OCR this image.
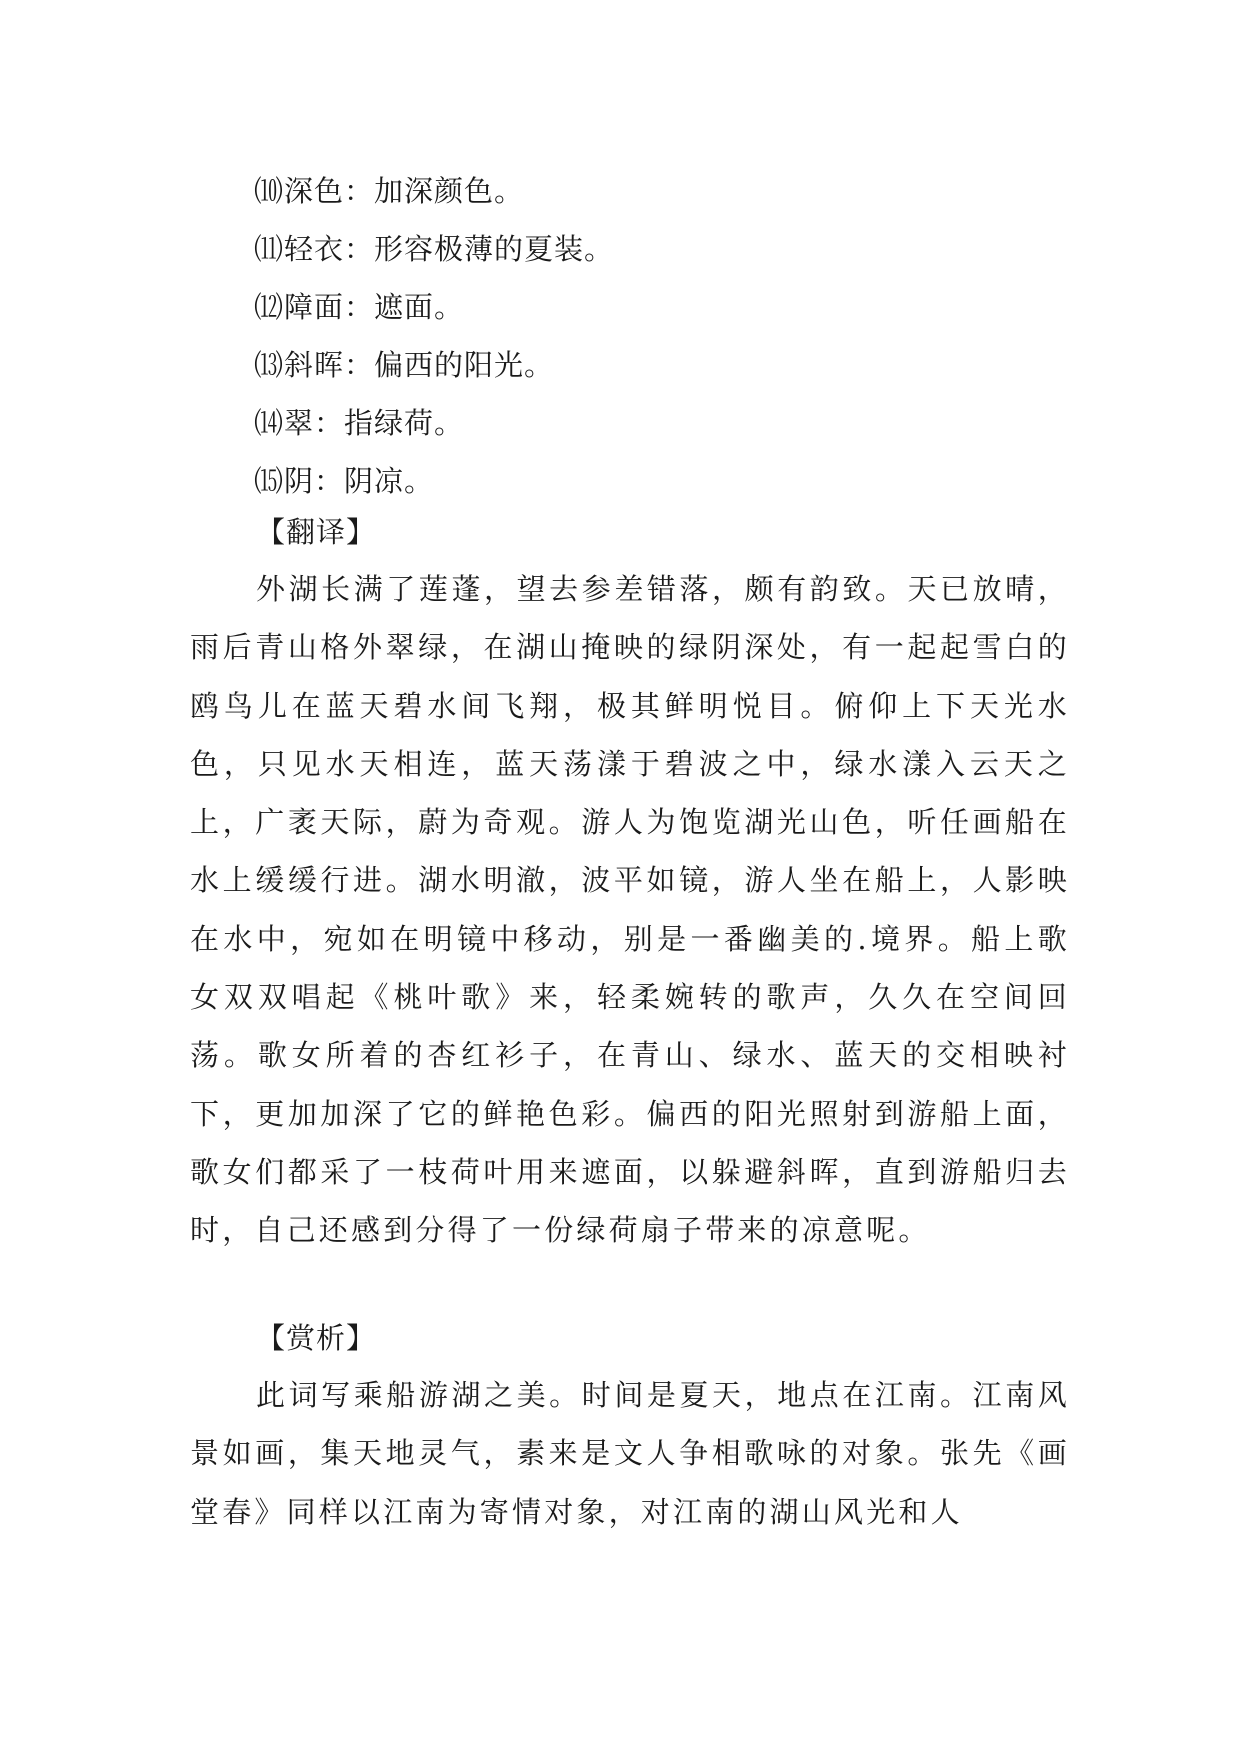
⑽深色：加深颜色。
⑾轻衣：形容极薄的夏装。
⑿障面：遮面。
⒀斜晖：偏西的阳光。
⒁翠：指绿荷。
⒂阴：阴凉。
【翻译】

外湖长满了莲蓬，望去参差错落，颇有韵致。天已放晴，雨后青山格外翠绿，在湖山掩映的绿阴深处，有一起起雪白的鸥鸟儿在蓝天碧水间飞翔，极其鲜明悦目。俯仰上下天光水色，只见水天相连，蓝天荡漾于碧波之中，绿水漾入云天之上，广袤天际，蔚为奇观。游人为饱览湖光山色，听任画船在水上缓缓行进。湖水明澈，波平如镜，游人坐在船上，人影映在水中，宛如在明镜中移动，别是一番幽美的.境界。船上歌女双双唱起《桃叶歌》来，轻柔婉转的歌声，久久在空间回荡。歌女所着的杏红衫子，在青山、绿水、蓝天的交相映衬下，更加加深了它的鲜艳色彩。偏西的阳光照射到游船上面，歌女们都采了一枝荷叶用来遮面，以躲避斜晖，直到游船归去时，自己还感到分得了一份绿荷扇子带来的凉意呢。

【赏析】

此词写乘船游湖之美。时间是夏天，地点在江南。江南风景如画，集天地灵气，素来是文人争相歌咏的对象。张先《画堂春》同样以江南为寄情对象，对江南的湖山风光和人
